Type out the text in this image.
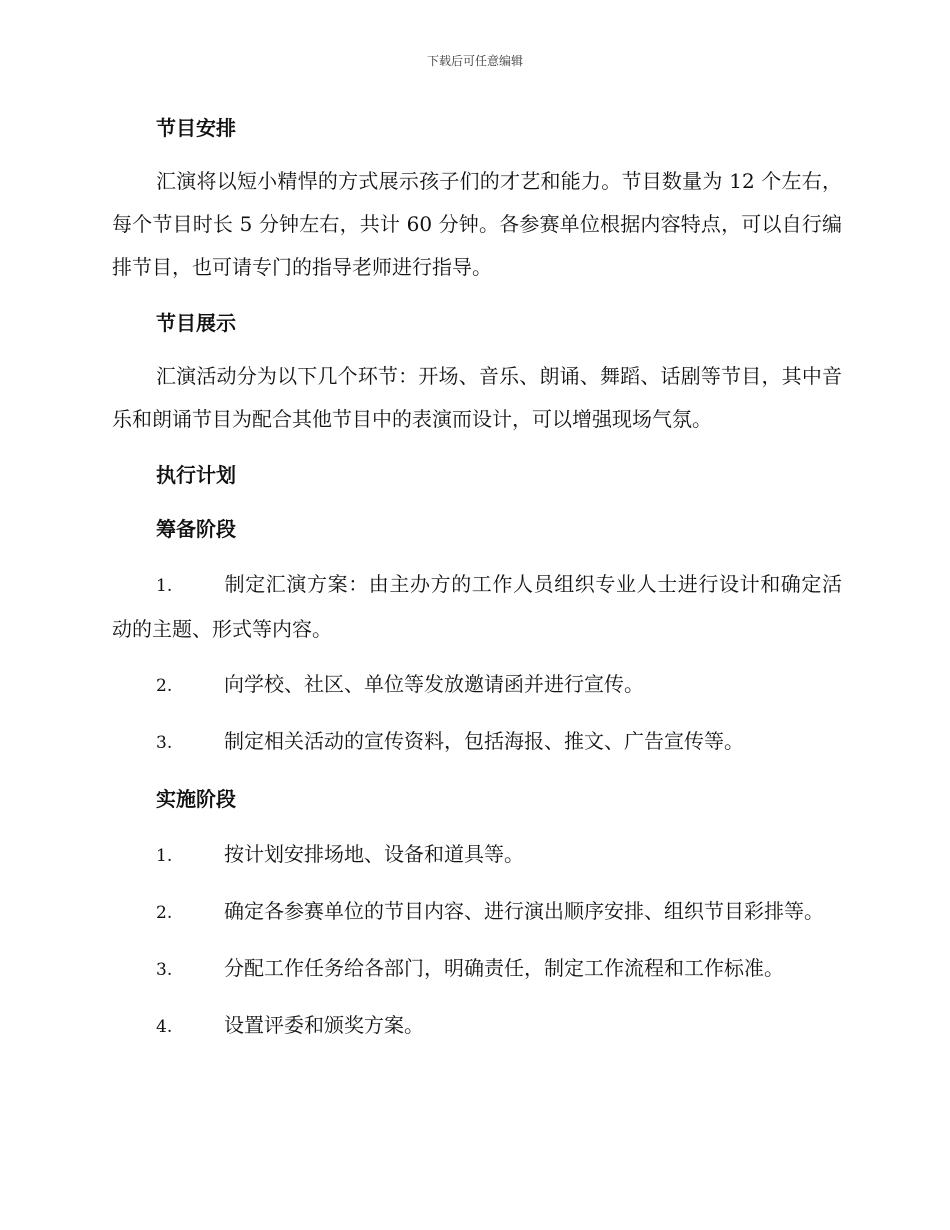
下载后可任意编辑

节目安排

汇演将以短小精悍的方式展示孩子们的才艺和能力。节目数量为 12 个左右，每个节目时长 5 分钟左右，共计 60 分钟。各参赛单位根据内容特点，可以自行编排节目，也可请专门的指导老师进行指导。

节目展示

汇演活动分为以下几个环节：开场、音乐、朗诵、舞蹈、话剧等节目，其中音乐和朗诵节目为配合其他节目中的表演而设计，可以增强现场气氛。

执行计划

筹备阶段

1.	制定汇演方案：由主办方的工作人员组织专业人士进行设计和确定活动的主题、形式等内容。

2.	向学校、社区、单位等发放邀请函并进行宣传。

3.	制定相关活动的宣传资料，包括海报、推文、广告宣传等。

实施阶段

1.	按计划安排场地、设备和道具等。

2.	确定各参赛单位的节目内容、进行演出顺序安排、组织节目彩排等。

3.	分配工作任务给各部门，明确责任，制定工作流程和工作标准。

4.	设置评委和颁奖方案。
